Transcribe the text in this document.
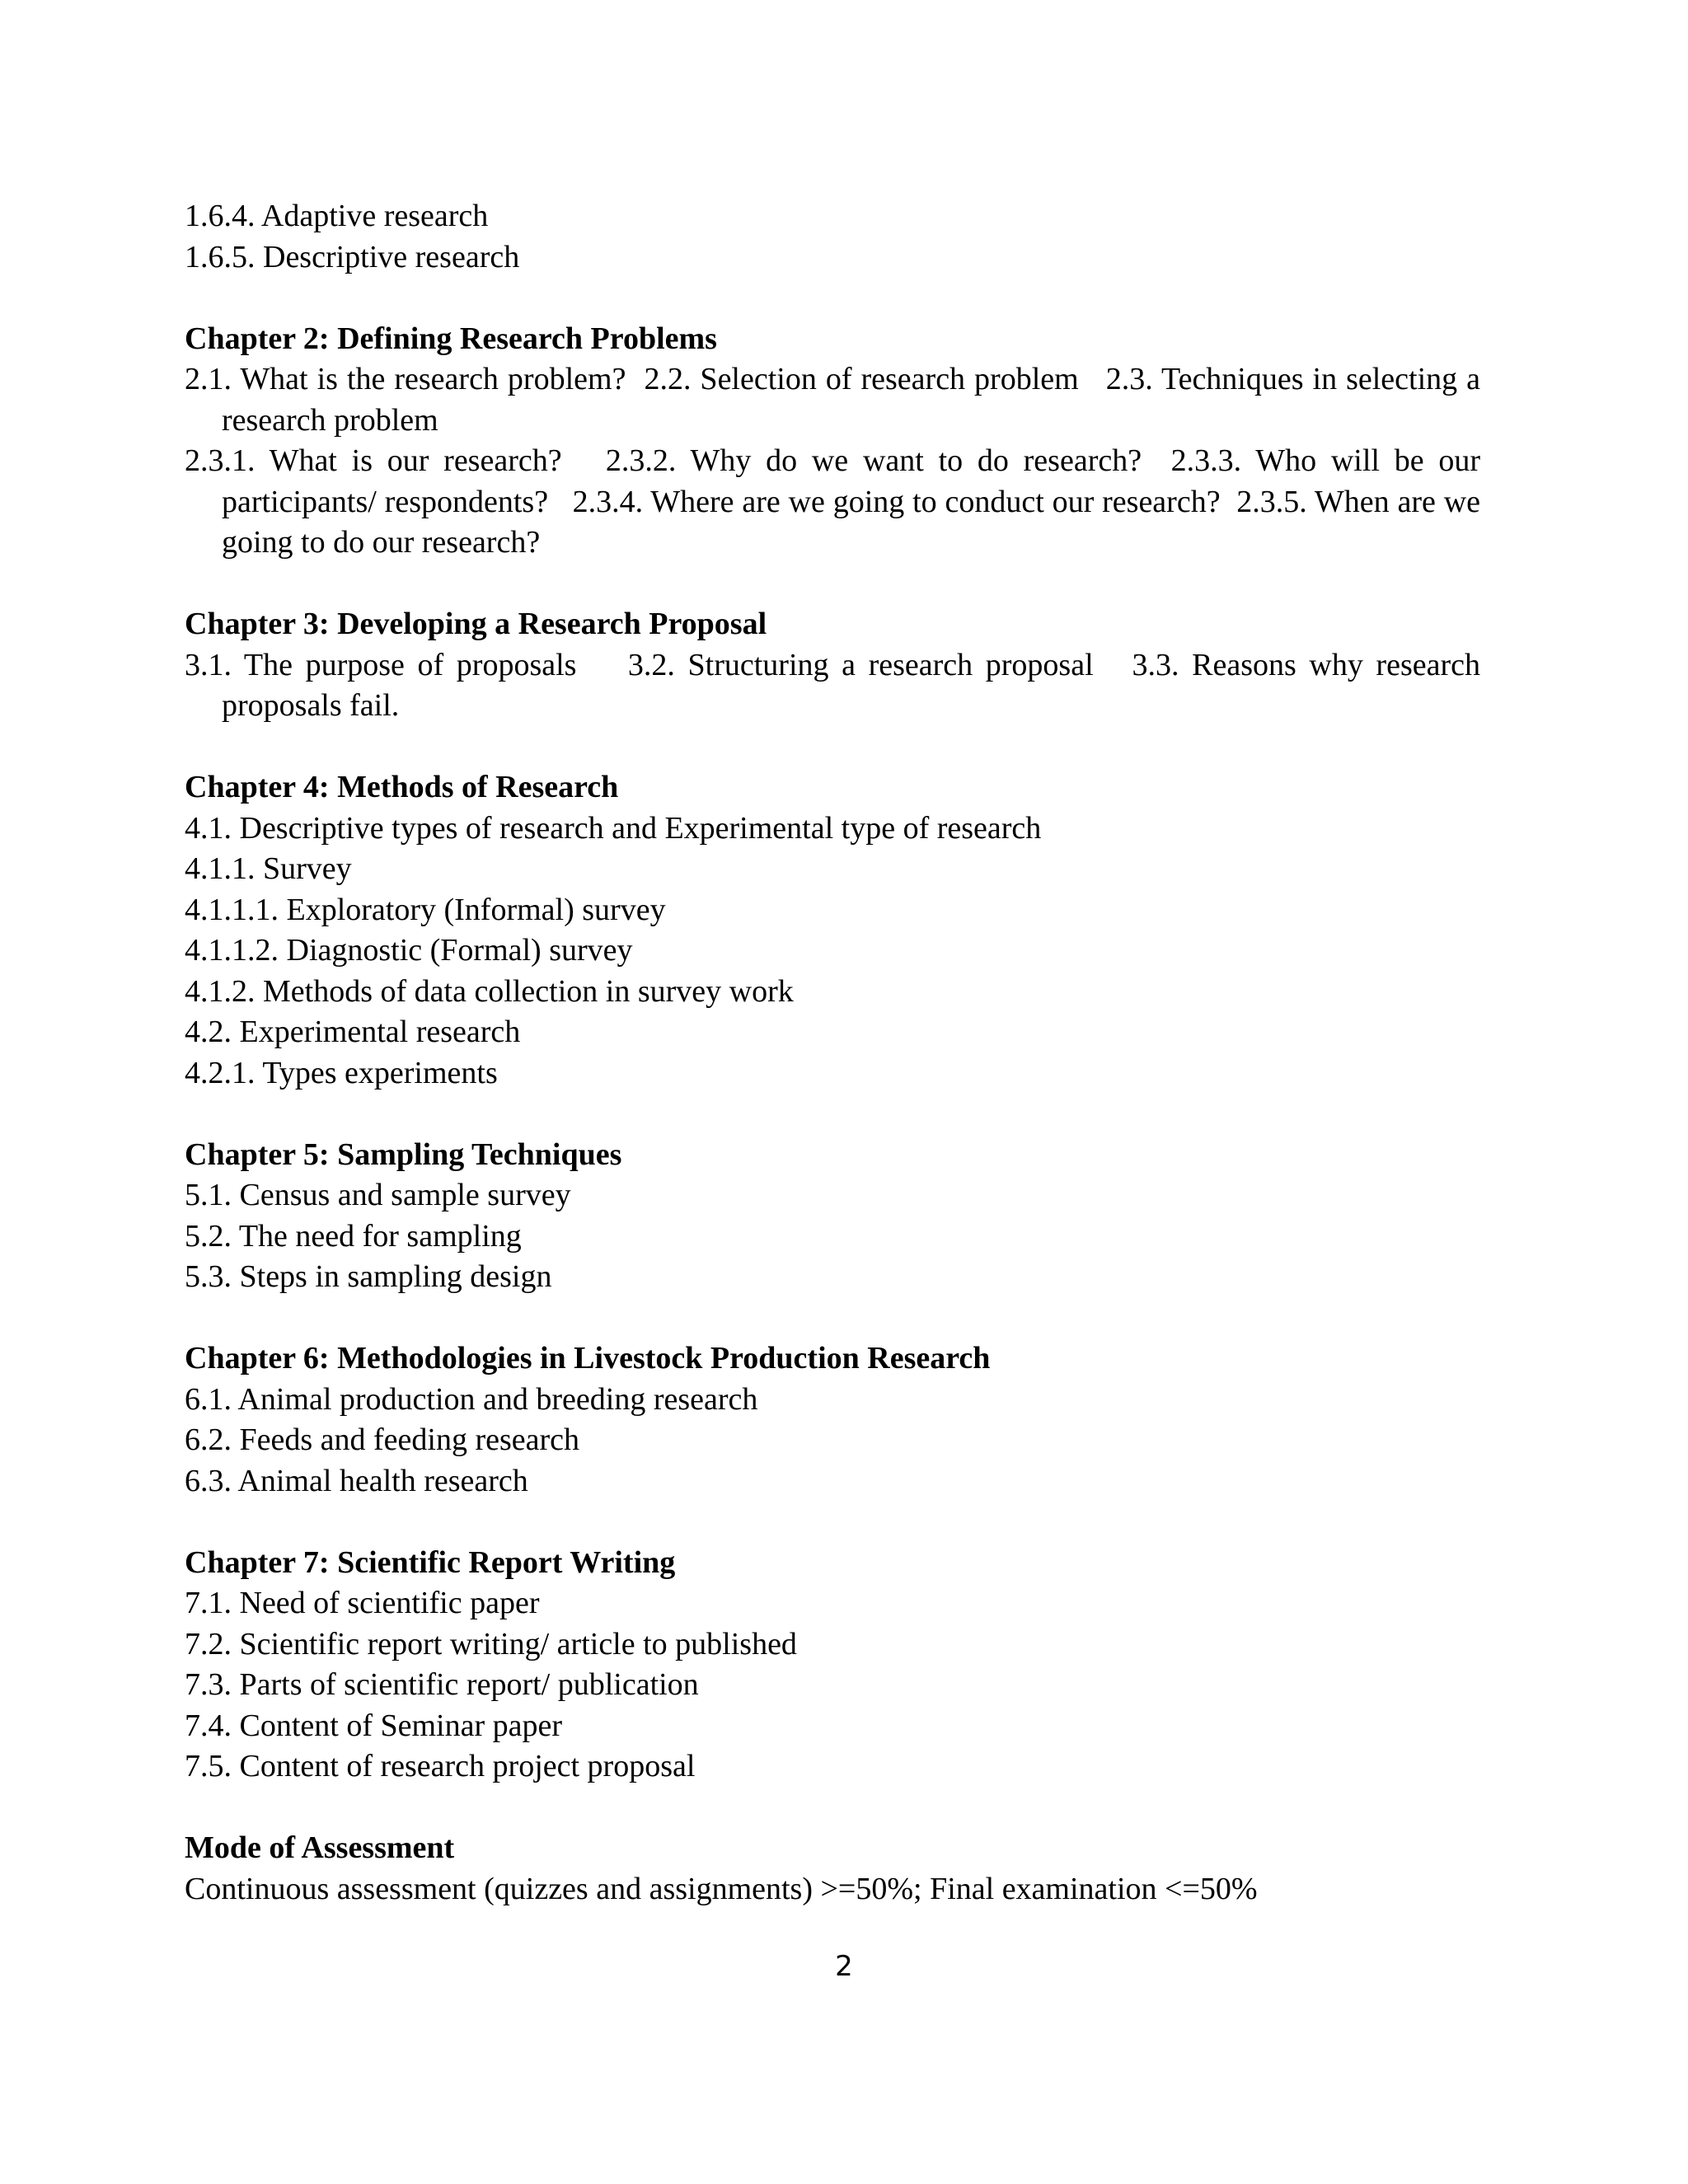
1.6.4. Adaptive research
1.6.5. Descriptive research
Chapter 2: Defining Research Problems
2.1. What is the research problem? 2.2. Selection of research problem 2.3. Techniques in selecting a research problem
2.3.1. What is our research? 2.3.2. Why do we want to do research? 2.3.3. Who will be our participants/ respondents? 2.3.4. Where are we going to conduct our research? 2.3.5. When are we going to do our research?
Chapter 3: Developing a Research Proposal
3.1. The purpose of proposals 3.2. Structuring a research proposal 3.3. Reasons why research proposals fail.
Chapter 4: Methods of Research
4.1. Descriptive types of research and Experimental type of research
4.1.1. Survey
4.1.1.1. Exploratory (Informal) survey
4.1.1.2. Diagnostic (Formal) survey
4.1.2. Methods of data collection in survey work
4.2. Experimental research
4.2.1. Types experiments
Chapter 5: Sampling Techniques
5.1. Census and sample survey
5.2. The need for sampling
5.3. Steps in sampling design
Chapter 6: Methodologies in Livestock Production Research
6.1. Animal production and breeding research
6.2. Feeds and feeding research
6.3. Animal health research
Chapter 7: Scientific Report Writing
7.1. Need of scientific paper
7.2. Scientific report writing/ article to published
7.3. Parts of scientific report/ publication
7.4. Content of Seminar paper
7.5. Content of research project proposal
Mode of Assessment
Continuous assessment (quizzes and assignments) >=50%; Final examination <=50%
2
